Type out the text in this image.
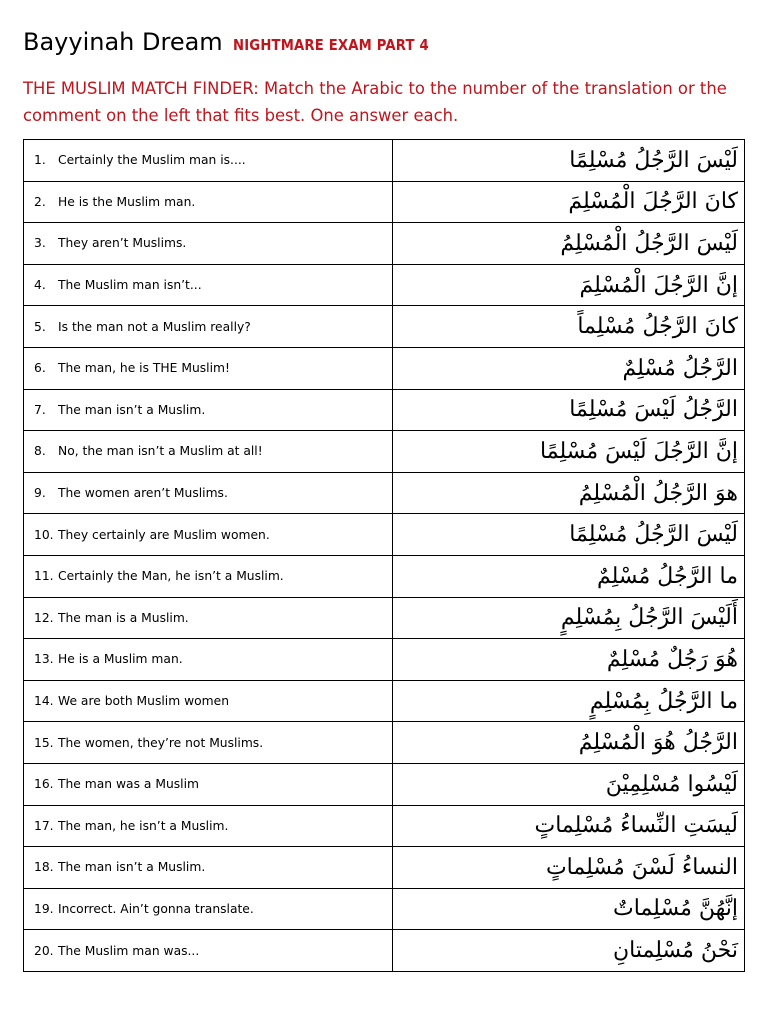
Bayyinah Dream NIGHTMARE EXAM PART 4
THE MUSLIM MATCH FINDER: Match the Arabic to the number of the translation or the comment on the left that fits best. One answer each.
1. Certainly the Muslim man is....	لَيْسَ الرَّجُلُ مُسْلِمًا
2. He is the Muslim man.	كانَ الرَّجُلَ الْمُسْلِمَ
3. They aren’t Muslims.	لَيْسَ الرَّجُلُ الْمُسْلِمُ
4. The Muslim man isn’t...	إنَّ الرَّجُلَ الْمُسْلِمَ
5. Is the man not a Muslim really?	كانَ الرَّجُلُ مُسْلِماً
6. The man, he is THE Muslim!	الرَّجُلُ مُسْلِمٌ
7. The man isn’t a Muslim.	الرَّجُلُ لَيْسَ مُسْلِمًا
8. No, the man isn’t a Muslim at all!	إنَّ الرَّجُلَ لَيْسَ مُسْلِمًا
9. The women aren’t Muslims.	هوَ الرَّجُلُ الْمُسْلِمُ
10. They certainly are Muslim women.	لَيْسَ الرَّجُلُ مُسْلِمًا
11. Certainly the Man, he isn’t a Muslim.	ما الرَّجُلُ مُسْلِمٌ
12. The man is a Muslim.	أَلَيْسَ الرَّجُلُ بِمُسْلِمٍ
13. He is a Muslim man.	هُوَ رَجُلٌ مُسْلِمٌ
14. We are both Muslim women	ما الرَّجُلُ بِمُسْلِمٍ
15. The women, they’re not Muslims.	الرَّجُلُ هُوَ الْمُسْلِمُ
16. The man was a Muslim	لَيْسُوا مُسْلِمِيْنَ
17. The man, he isn’t a Muslim.	لَيسَتِ النِّساءُ مُسْلِماتٍ
18. The man isn’t a Muslim.	النساءُ لَسْنَ مُسْلِماتٍ
19. Incorrect. Ain’t gonna translate.	إنَّهُنَّ مُسْلِماتٌ
20. The Muslim man was...	نَحْنُ مُسْلِمتانِ
